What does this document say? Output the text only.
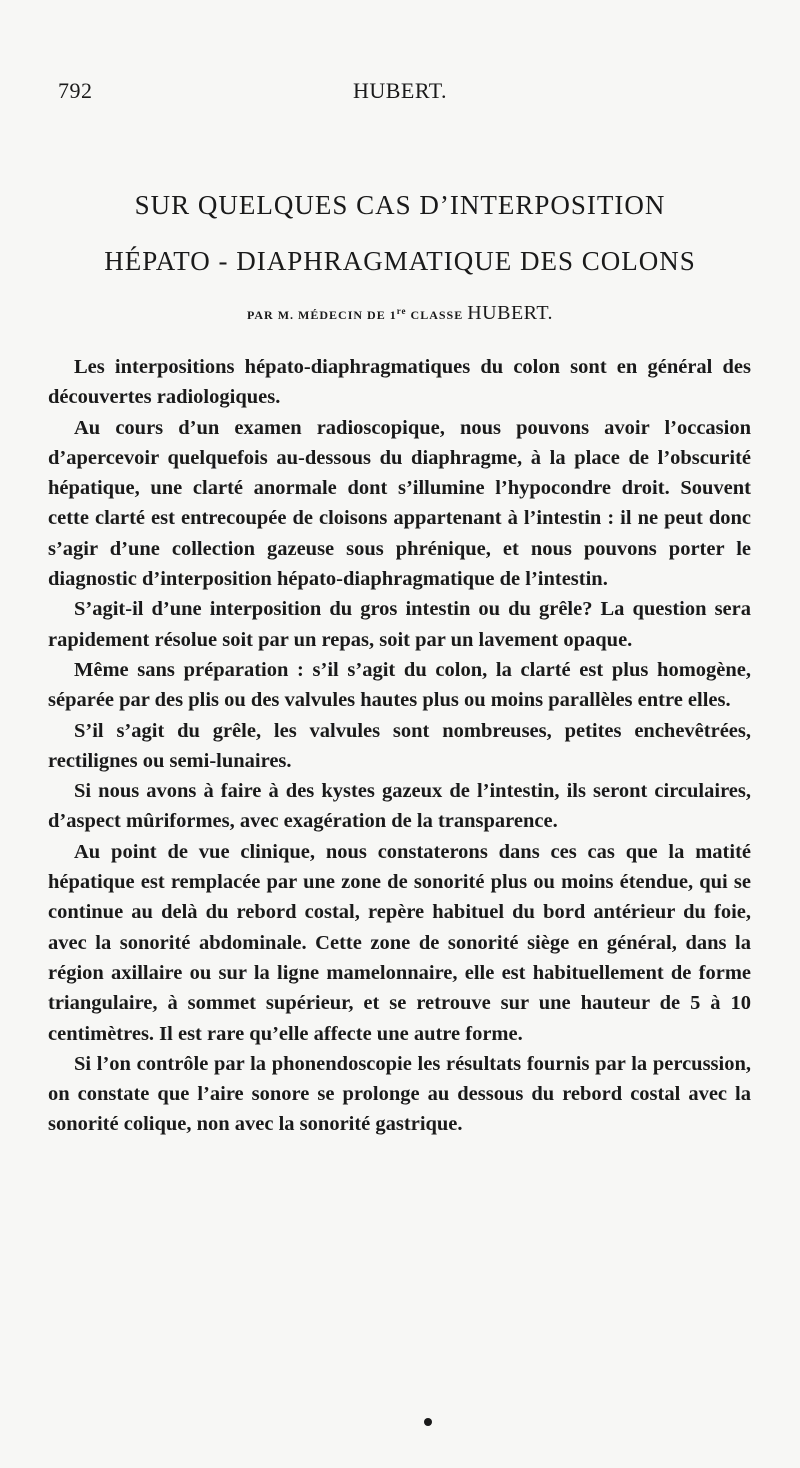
792	HUBERT.
SUR QUELQUES CAS D’INTERPOSITION
HÉPATO - DIAPHRAGMATIQUE DES COLONS
PAR M. MÉDECIN DE 1re CLASSE HUBERT.

Les interpositions hépato-diaphragmatiques du colon sont en général des découvertes radiologiques.

Au cours d’un examen radioscopique, nous pouvons avoir l’occasion d’apercevoir quelquefois au-dessous du diaphragme, à la place de l’obscurité hépatique, une clarté anormale dont s’illumine l’hypocondre droit. Souvent cette clarté est entrecoupée de cloisons appartenant à l’intestin : il ne peut donc s’agir d’une collection gazeuse sous phrénique, et nous pouvons porter le diagnostic d’interposition hépato-diaphragmatique de l’intestin.

S’agit-il d’une interposition du gros intestin ou du grêle? La question sera rapidement résolue soit par un repas, soit par un lavement opaque.

Même sans préparation : s’il s’agit du colon, la clarté est plus homogène, séparée par des plis ou des valvules hautes plus ou moins parallèles entre elles.

S’il s’agit du grêle, les valvules sont nombreuses, petites enchevêtrées, rectilignes ou semi-lunaires.

Si nous avons à faire à des kystes gazeux de l’intestin, ils seront circulaires, d’aspect mûriformes, avec exagération de la transparence.

Au point de vue clinique, nous constaterons dans ces cas que la matité hépatique est remplacée par une zone de sonorité plus ou moins étendue, qui se continue au delà du rebord costal, repère habituel du bord antérieur du foie, avec la sonorité abdominale. Cette zone de sonorité siège en général, dans la région axillaire ou sur la ligne mamelonnaire, elle est habituellement de forme triangulaire, à sommet supérieur, et se retrouve sur une hauteur de 5 à 10 centimètres. Il est rare qu’elle affecte une autre forme.

Si l’on contrôle par la phonendoscopie les résultats fournis par la percussion, on constate que l’aire sonore se prolonge au dessous du rebord costal avec la sonorité colique, non avec la sonorité gastrique.
